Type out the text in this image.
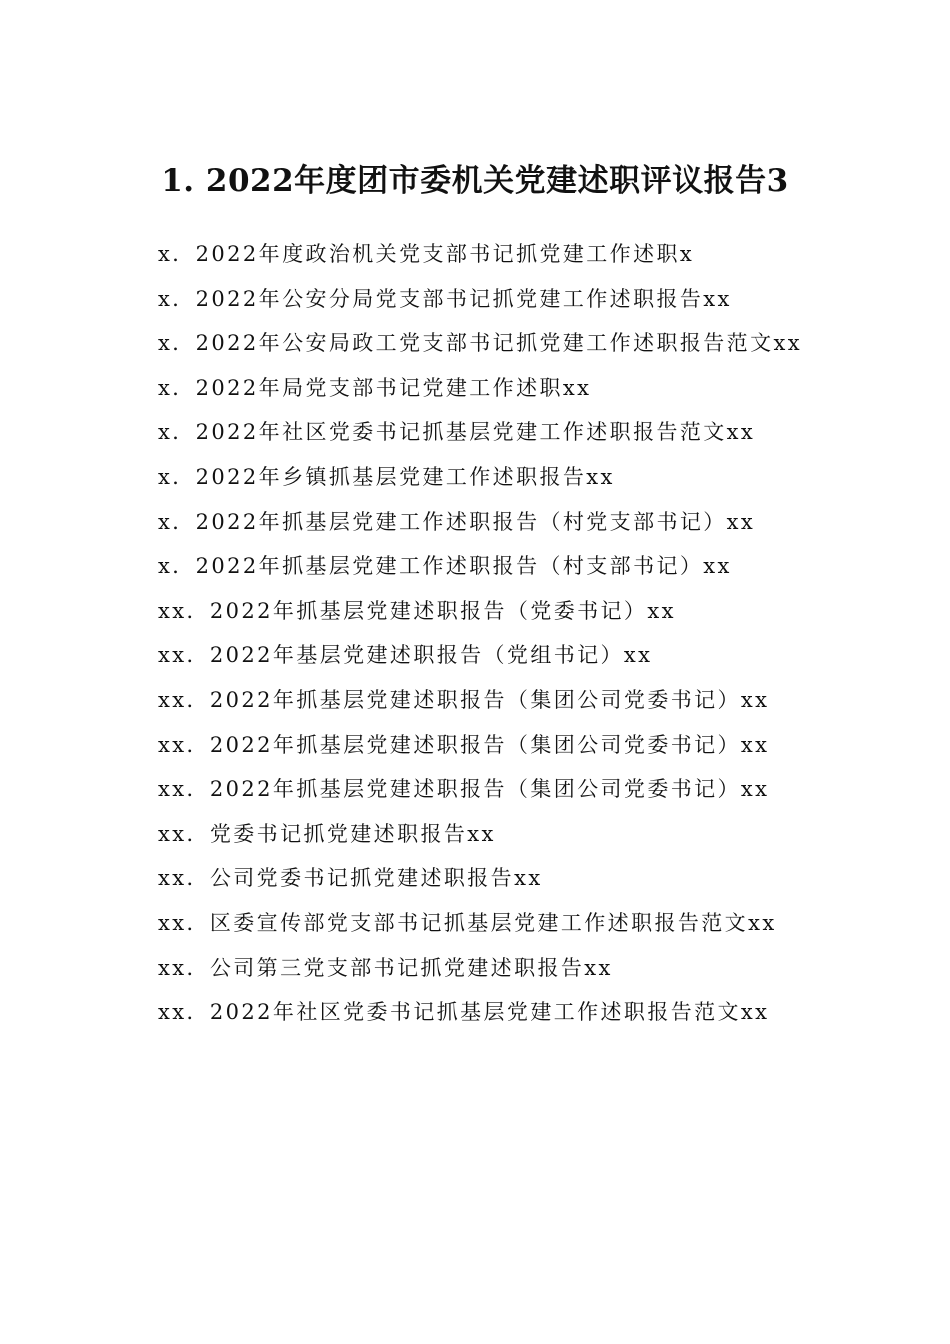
1. 2022年度团市委机关党建述职评议报告3
x．2022年度政治机关党支部书记抓党建工作述职x
x．2022年公安分局党支部书记抓党建工作述职报告xx
x．2022年公安局政工党支部书记抓党建工作述职报告范文xx
x．2022年局党支部书记党建工作述职xx
x．2022年社区党委书记抓基层党建工作述职报告范文xx
x．2022年乡镇抓基层党建工作述职报告xx
x．2022年抓基层党建工作述职报告（村党支部书记）xx
x．2022年抓基层党建工作述职报告（村支部书记）xx
xx．2022年抓基层党建述职报告（党委书记）xx
xx．2022年基层党建述职报告（党组书记）xx
xx．2022年抓基层党建述职报告（集团公司党委书记）xx
xx．2022年抓基层党建述职报告（集团公司党委书记）xx
xx．2022年抓基层党建述职报告（集团公司党委书记）xx
xx．党委书记抓党建述职报告xx
xx．公司党委书记抓党建述职报告xx
xx．区委宣传部党支部书记抓基层党建工作述职报告范文xx
xx．公司第三党支部书记抓党建述职报告xx
xx．2022年社区党委书记抓基层党建工作述职报告范文xx
